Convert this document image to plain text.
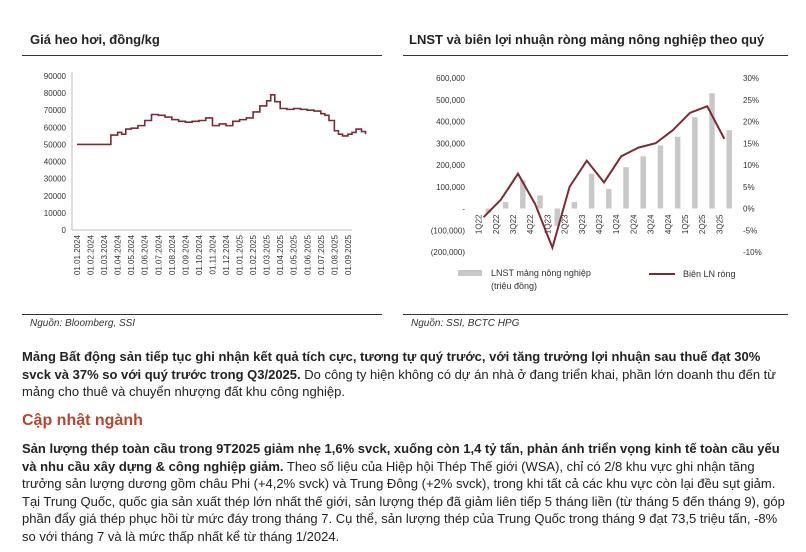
Giá heo hơi, đồng/kg
0
10000
20000
30000
40000
50000
60000
70000
80000
90000
01.01.2024 01.02.2024 01.03.2024 01.04.2024 01.05.2024 01.06.2024 01.07.2024 01.08.2024 01.09.2024 01.10.2024 01.11.2024 01.12.2024 01.01.2025 01.02.2025 01.03.2025 01.04.2025 01.05.2025 01.06.2025 01.07.2025 01.08.2025 01.09.2025
Nguồn: Bloomberg, SSI
LNST và biên lợi nhuận ròng mảng nông nghiệp theo quý
(200,000)
(100,000)
-
100,000
200,000
300,000
400,000
500,000
600,000
-10%
-5%
0%
5%
10%
15%
20%
25%
30%
1Q22 2Q22 3Q22 4Q22 1Q23 2Q23 3Q23 4Q23 1Q24 2Q24 3Q24 4Q24 1Q25 2Q25 3Q25
LNST mảng nông nghiệp
(triệu đồng)
Biên LN ròng
Nguồn: SSI, BCTC HPG
Mảng Bất động sản tiếp tục ghi nhận kết quả tích cực, tương tự quý trước, với tăng trưởng lợi nhuận sau thuế đạt 30% svck và 37% so với quý trước trong Q3/2025. Do công ty hiện không có dự án nhà ở đang triển khai, phần lớn doanh thu đến từ mảng cho thuê và chuyển nhượng đất khu công nghiệp.
Cập nhật ngành
Sản lượng thép toàn cầu trong 9T2025 giảm nhẹ 1,6% svck, xuống còn 1,4 tỷ tấn, phản ánh triển vọng kinh tế toàn cầu yếu và nhu cầu xây dựng & công nghiệp giảm. Theo số liệu của Hiệp hội Thép Thế giới (WSA), chỉ có 2/8 khu vực ghi nhận tăng trưởng sản lượng dương gồm châu Phi (+4,2% svck) và Trung Đông (+2% svck), trong khi tất cả các khu vực còn lại đều sụt giảm. Tại Trung Quốc, quốc gia sản xuất thép lớn nhất thế giới, sản lượng thép đã giảm liên tiếp 5 tháng liền (từ tháng 5 đến tháng 9), góp phần đẩy giá thép phục hồi từ mức đáy trong tháng 7. Cụ thể, sản lượng thép của Trung Quốc trong tháng 9 đạt 73,5 triệu tấn, -8% so với tháng 7 và là mức thấp nhất kể từ tháng 1/2024.
